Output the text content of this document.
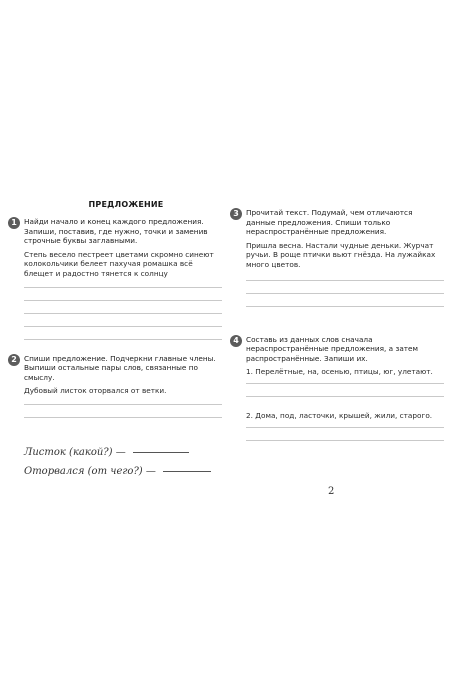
ПРЕДЛОЖЕНИЕ
1 Найди начало и конец каждого предложения. Запиши, поставив, где нужно, точки и заменив строчные буквы заглавными.

Степь весело пестреет цветами скромно синеют колокольчики белеет пахучая ромашка всё блещет и радостно тянется к солнцу

2 Спиши предложение. Подчеркни главные члены. Выпиши остальные пары слов, связанные по смыслу.

Дубовый листок оторвался от ветки.

Листок (какой?) —
Оторвался (от чего?) —
3 Прочитай текст. Подумай, чем отличаются данные предложения. Спиши только нераспространённые предложения.

Пришла весна. Настали чудные деньки. Журчат ручьи. В роще птички вьют гнёзда. На лужайках много цветов.

4 Составь из данных слов сначала нераспространённые предложения, а затем распространённые. Запиши их.

1. Перелётные, на, осенью, птицы, юг, улетают.

2. Дома, под, ласточки, крышей, жили, старого.

2
